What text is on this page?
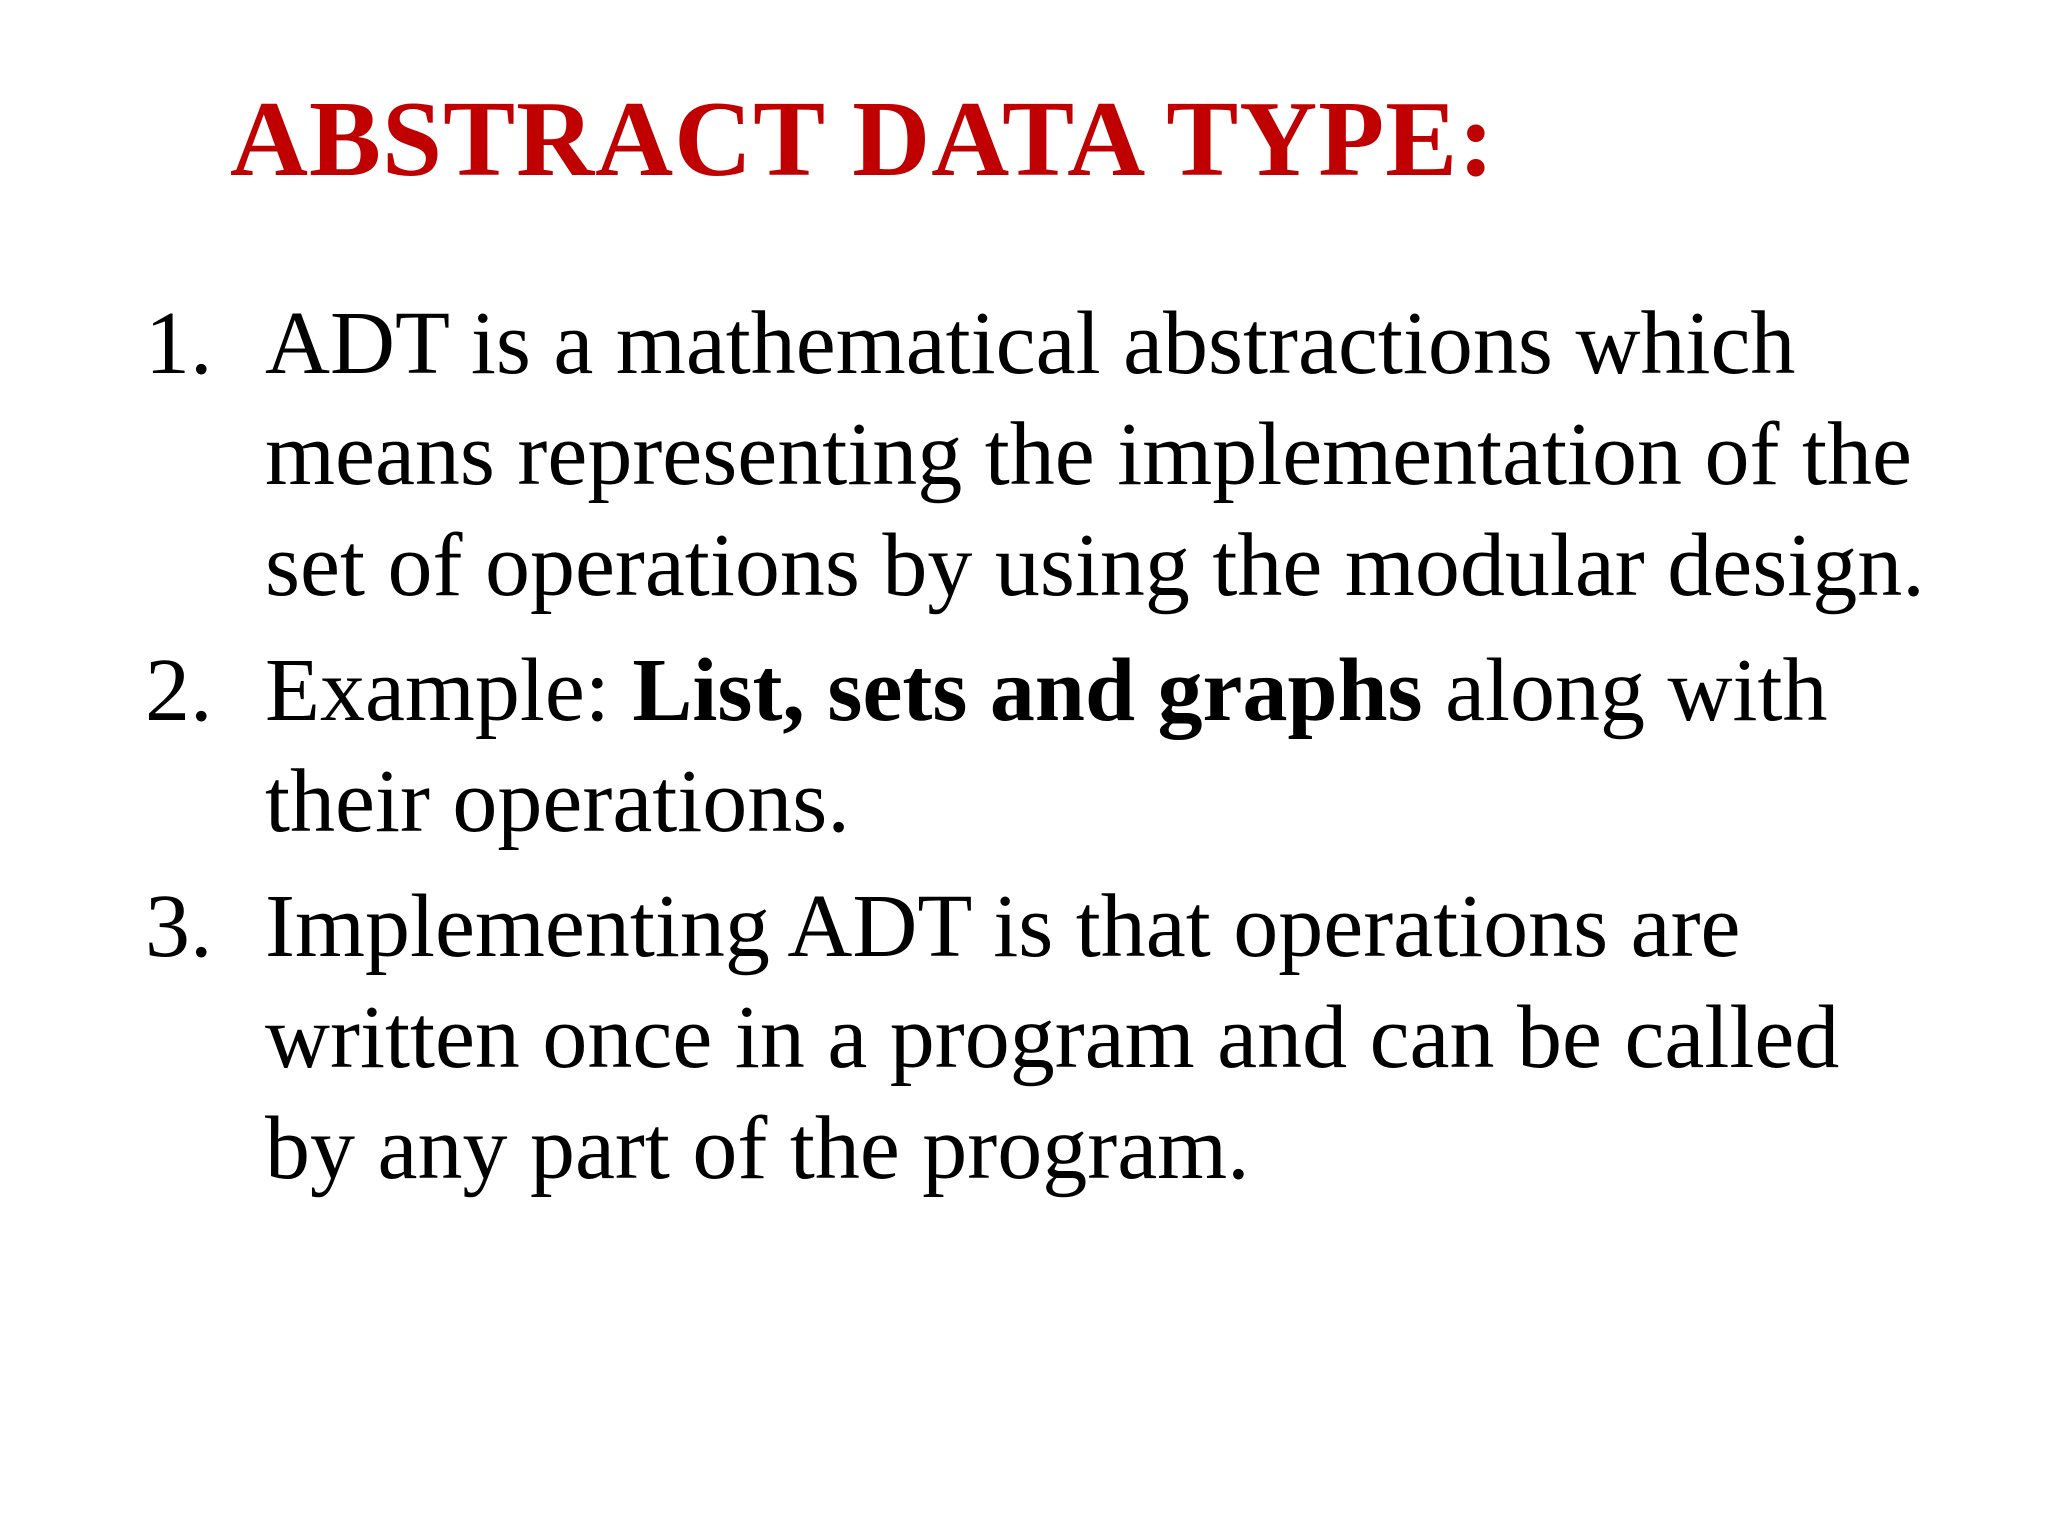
ABSTRACT DATA TYPE:
1. ADT is a mathematical abstractions which
means representing the implementation of the
set of operations by using the modular design.
2. Example: List, sets and graphs along with
their operations.
3. Implementing ADT is that operations are
written once in a program and can be called
by any part of the program.
